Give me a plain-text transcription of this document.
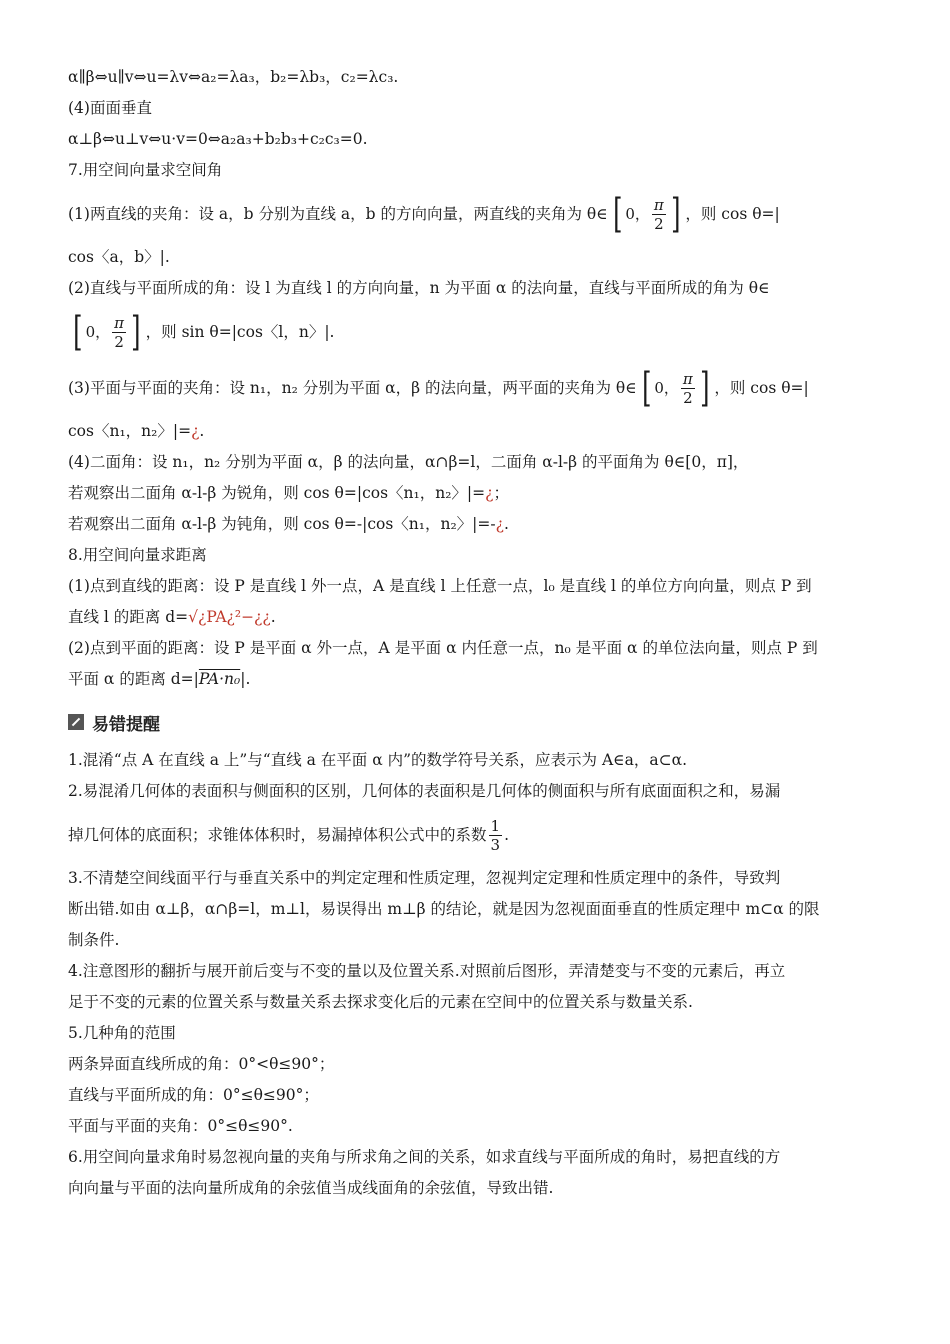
α∥β⇔u∥v⇔u=λv⇔a₂=λa₃，b₂=λb₃，c₂=λc₃.
(4)面面垂直
α⊥β⇔u⊥v⇔u·v=0⇔a₂a₃+b₂b₃+c₂c₃=0.
7.用空间向量求空间角
(1)两直线的夹角：设 a，b 分别为直线 a，b 的方向向量，两直线的夹角为 θ∈ [ 0 ， $\frac{\pi}{2}$ ] ，则 cos θ=|
cos〈a，b〉|.
(2)直线与平面所成的角：设 l 为直线 l 的方向向量，n 为平面 α 的法向量，直线与平面所成的角为 θ∈
[ 0 ， $\frac{\pi}{2}$ ] ，则 sin θ=|cos〈l，n〉|.
(3)平面与平面的夹角：设 n₁，n₂ 分别为平面 α，β 的法向量，两平面的夹角为 θ∈ [ 0 ， $\frac{\pi}{2}$ ] ，则 cos θ=|
cos〈n₁，n₂〉|=¿.
(4)二面角：设 n₁，n₂ 分别为平面 α，β 的法向量，α∩β=l，二面角 α-l-β 的平面角为 θ∈[0，π]，
若观察出二面角 α-l-β 为锐角，则 cos θ=|cos〈n₁，n₂〉|=¿；
若观察出二面角 α-l-β 为钝角，则 cos θ=-|cos〈n₁，n₂〉|=-¿.
8.用空间向量求距离
(1)点到直线的距离：设 P 是直线 l 外一点，A 是直线 l 上任意一点，l₀ 是直线 l 的单位方向向量，则点 P 到
直线 l 的距离 d=√¿PA¿²−¿¿.
(2)点到平面的距离：设 P 是平面 α 外一点，A 是平面 α 内任意一点，n₀ 是平面 α 的单位法向量，则点 P 到
平面 α 的距离 d=|PA·n₀|.
易错提醒
1.混淆“点 A 在直线 a 上”与“直线 a 在平面 α 内”的数学符号关系，应表示为 A∈a，a⊂α.
2.易混淆几何体的表面积与侧面积的区别，几何体的表面积是几何体的侧面积与所有底面面积之和，易漏
掉几何体的底面积；求锥体体积时，易漏掉体积公式中的系数 $\frac{1}{3}$ .
3.不清楚空间线面平行与垂直关系中的判定定理和性质定理，忽视判定定理和性质定理中的条件，导致判
断出错.如由 α⊥β，α∩β=l，m⊥l，易误得出 m⊥β 的结论，就是因为忽视面面垂直的性质定理中 m⊂α 的限
制条件.
4.注意图形的翻折与展开前后变与不变的量以及位置关系.对照前后图形，弄清楚变与不变的元素后，再立
足于不变的元素的位置关系与数量关系去探求变化后的元素在空间中的位置关系与数量关系.
5.几种角的范围
两条异面直线所成的角：0°<θ≤90°；
直线与平面所成的角：0°≤θ≤90°；
平面与平面的夹角：0°≤θ≤90°.
6.用空间向量求角时易忽视向量的夹角与所求角之间的关系，如求直线与平面所成的角时，易把直线的方
向向量与平面的法向量所成角的余弦值当成线面角的余弦值，导致出错.
